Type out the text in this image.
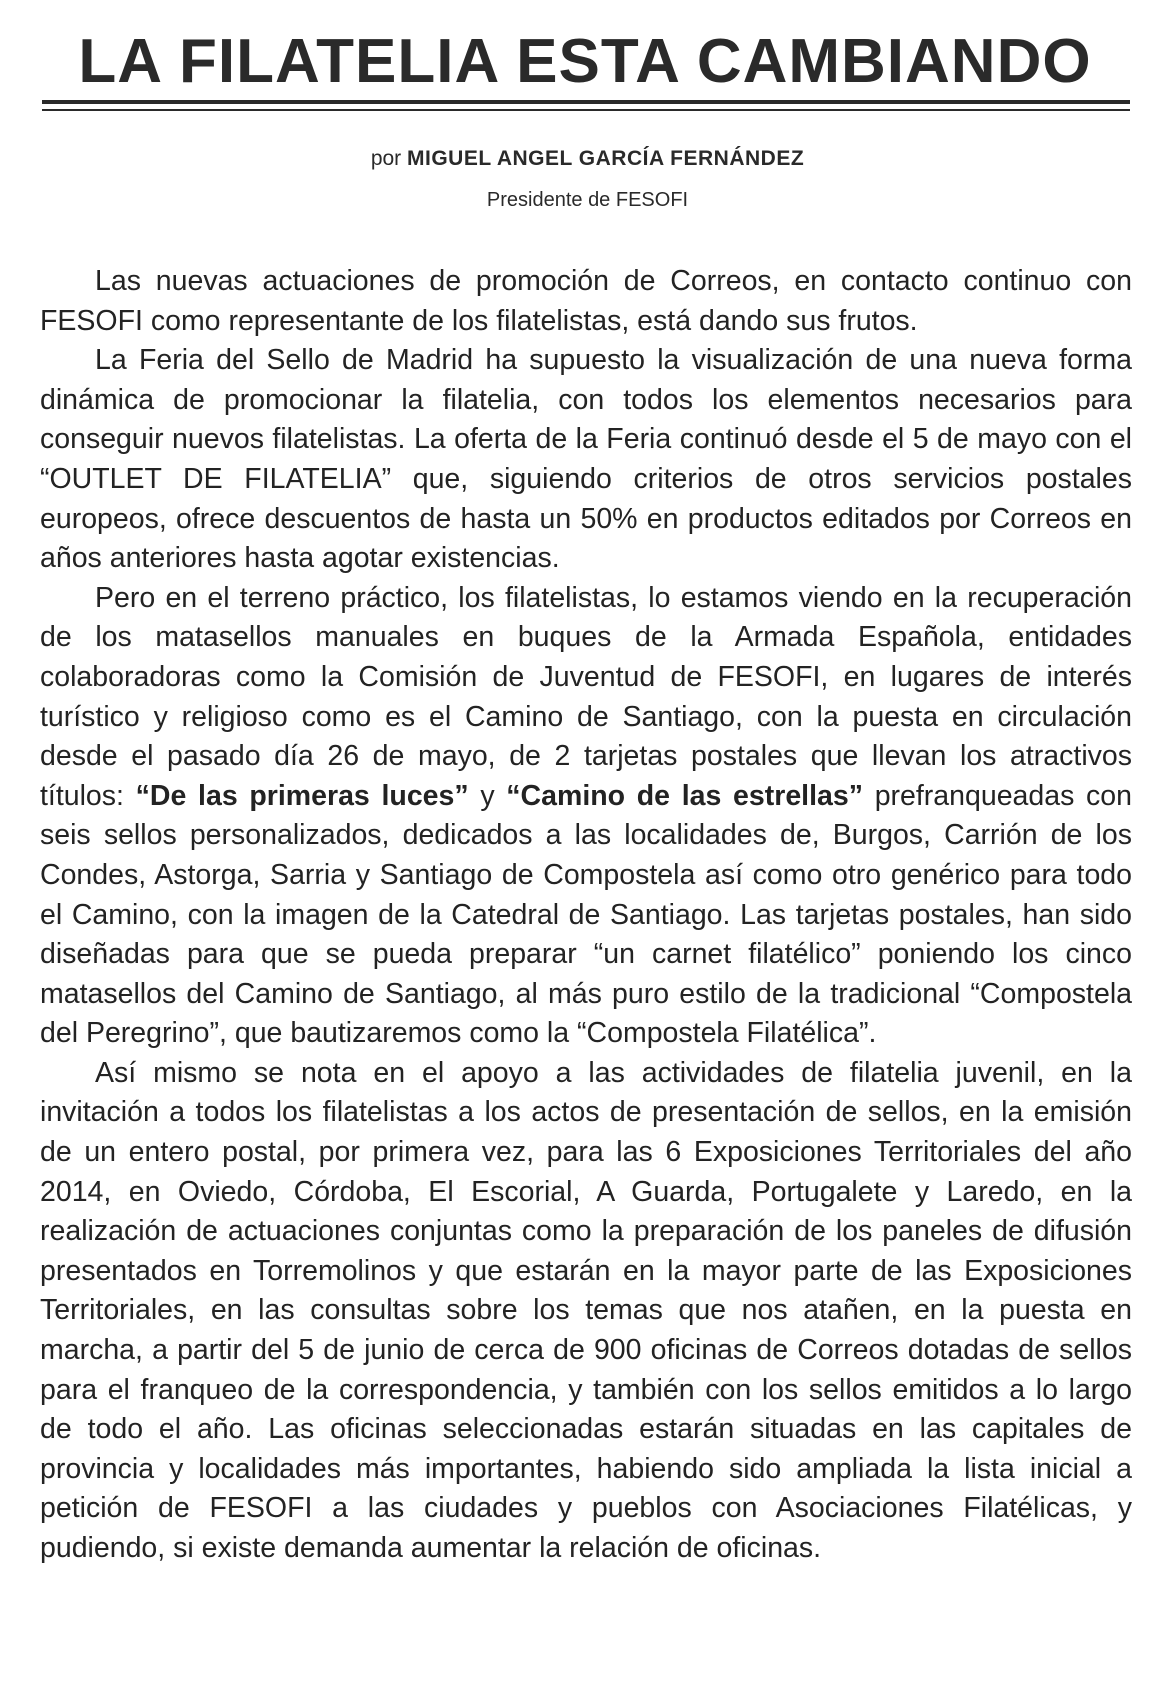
LA FILATELIA ESTA CAMBIANDO
por MIGUEL ANGEL GARCÍA FERNÁNDEZ
Presidente de FESOFI

Las nuevas actuaciones de promoción de Correos, en contacto continuo con FESOFI como representante de los filatelistas, está dando sus frutos.

La Feria del Sello de Madrid ha supuesto la visualización de una nueva forma dinámica de promocionar la filatelia, con todos los elementos necesarios para conseguir nuevos filatelistas. La oferta de la Feria continuó desde el 5 de mayo con el “OUTLET DE FILATELIA” que, siguiendo criterios de otros servicios postales europeos, ofrece descuentos de hasta un 50% en productos editados por Correos en años anteriores hasta agotar existencias.

Pero en el terreno práctico, los filatelistas, lo estamos viendo en la recuperación de los matasellos manuales en buques de la Armada Española, entidades colaboradoras como la Comisión de Juventud de FESOFI, en lugares de interés turístico y religioso como es el Camino de Santiago, con la puesta en circulación desde el pasado día 26 de mayo, de 2 tarjetas postales que llevan los atractivos títulos: “De las primeras luces” y “Camino de las estrellas” prefranqueadas con seis sellos personalizados, dedicados a las localidades de, Burgos, Carrión de los Condes, Astorga, Sarria y Santiago de Compostela así como otro genérico para todo el Camino, con la imagen de la Catedral de Santiago. Las tarjetas postales, han sido diseñadas para que se pueda preparar “un carnet filatélico” poniendo los cinco matasellos del Camino de Santiago, al más puro estilo de la tradicional “Compostela del Peregrino”, que bautizaremos como la “Compostela Filatélica”.

Así mismo se nota en el apoyo a las actividades de filatelia juvenil, en la invitación a todos los filatelistas a los actos de presentación de sellos, en la emisión de un entero postal, por primera vez, para las 6 Exposiciones Territoriales del año 2014, en Oviedo, Córdoba, El Escorial, A Guarda, Portugalete y Laredo, en la realización de actuaciones conjuntas como la preparación de los paneles de difusión presentados en Torremolinos y que estarán en la mayor parte de las Exposiciones Territoriales, en las consultas sobre los temas que nos atañen, en la puesta en marcha, a partir del 5 de junio de cerca de 900 oficinas de Correos dotadas de sellos para el franqueo de la correspondencia, y también con los sellos emitidos a lo largo de todo el año. Las oficinas seleccionadas estarán situadas en las capitales de provincia y localidades más importantes, habiendo sido ampliada la lista inicial a petición de FESOFI a las ciudades y pueblos con Asociaciones Filatélicas, y pudiendo, si existe demanda aumentar la relación de oficinas.
